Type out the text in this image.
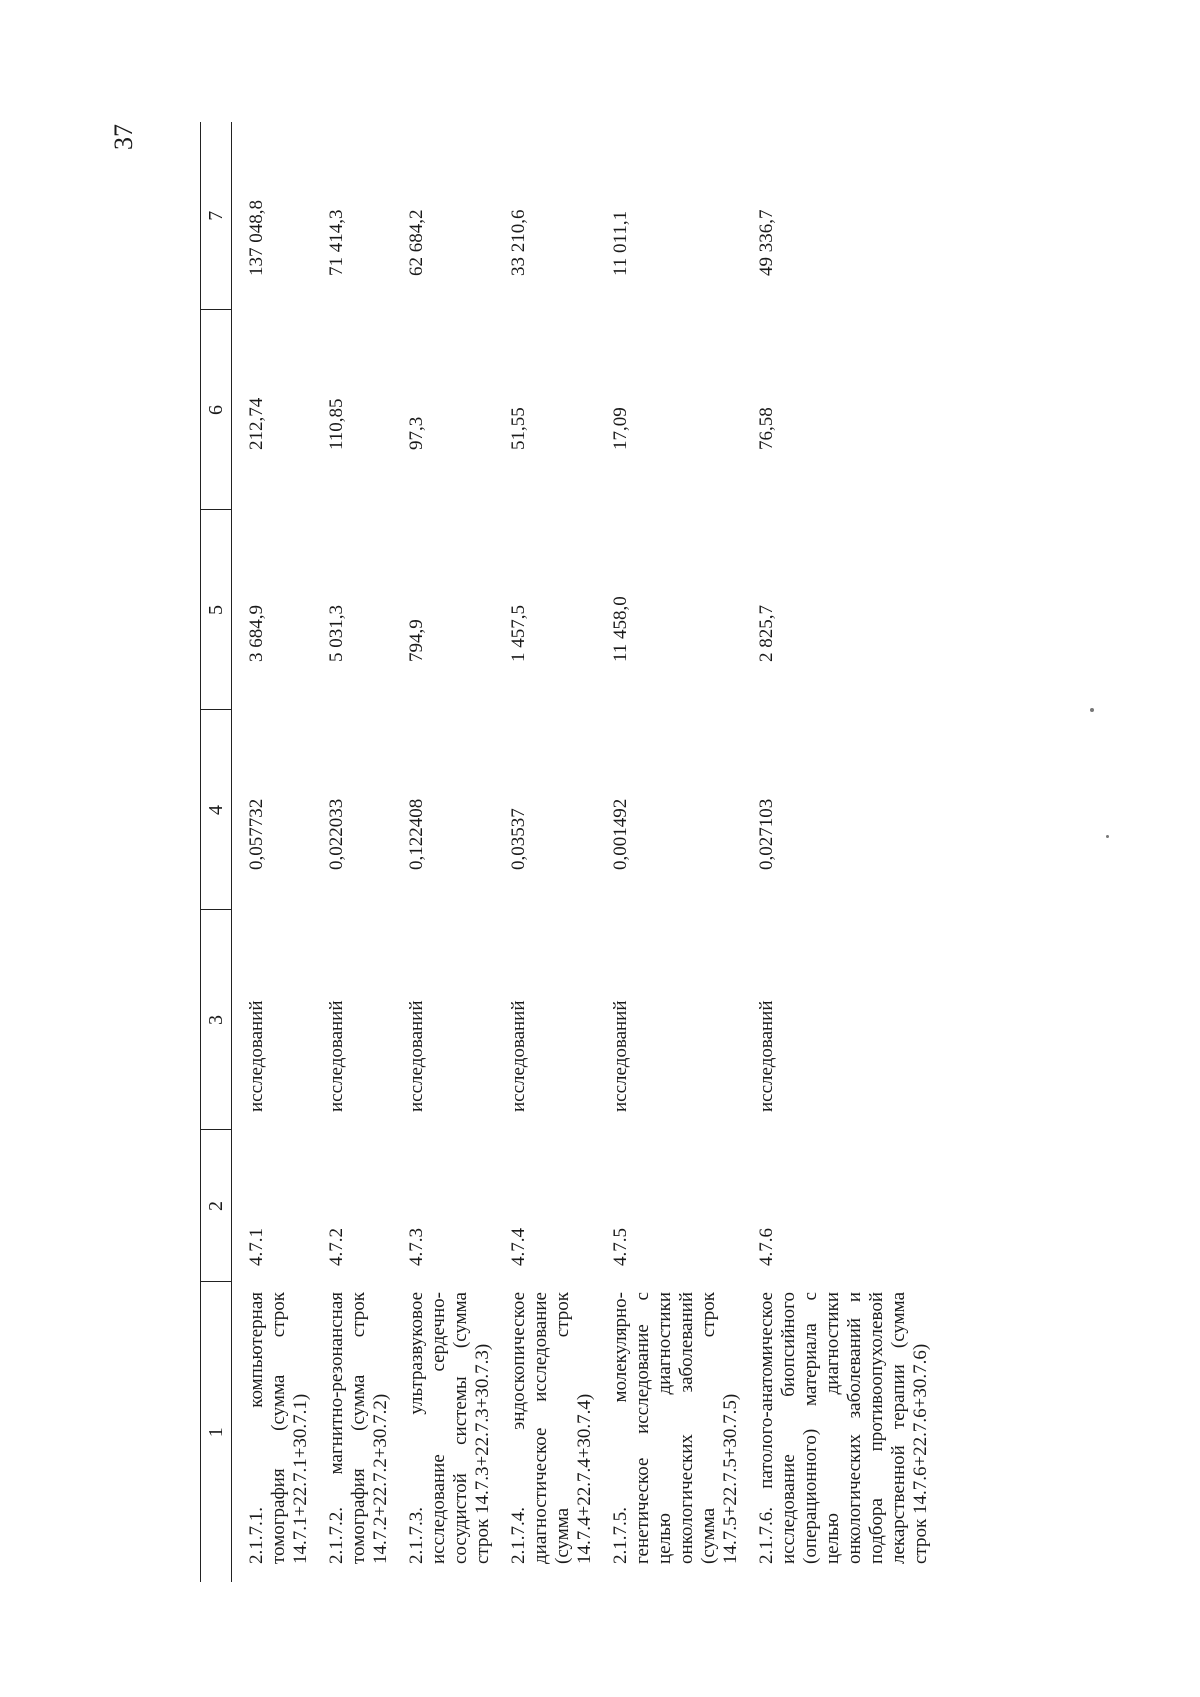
37
1	2	3	4	5	6	7
2.1.7.1. компьютерная томография (сумма строк 14.7.1+22.7.1+30.7.1)	4.7.1	исследований	0,057732	3 684,9	212,74	137 048,8
2.1.7.2. магнитно-резонансная томография (сумма строк 14.7.2+22.7.2+30.7.2)	4.7.2	исследований	0,022033	5 031,3	110,85	71 414,3
2.1.7.3. ультразвуковое исследование сердечно-сосудистой системы (сумма строк 14.7.3+22.7.3+30.7.3)	4.7.3	исследований	0,122408	794,9	97,3	62 684,2
2.1.7.4. эндоскопическое диагностическое исследование (сумма строк 14.7.4+22.7.4+30.7.4)	4.7.4	исследований	0,03537	1 457,5	51,55	33 210,6
2.1.7.5. молекулярно-генетическое исследование с целью диагностики онкологических заболеваний (сумма строк 14.7.5+22.7.5+30.7.5)	4.7.5	исследований	0,001492	11 458,0	17,09	11 011,1
2.1.7.6. патолого-анатомическое исследование биопсийного (операционного) материала с целью диагностики онкологических заболеваний и подбора противоопухолевой лекарственной терапии (сумма строк 14.7.6+22.7.6+30.7.6)	4.7.6	исследований	0,027103	2 825,7	76,58	49 336,7
